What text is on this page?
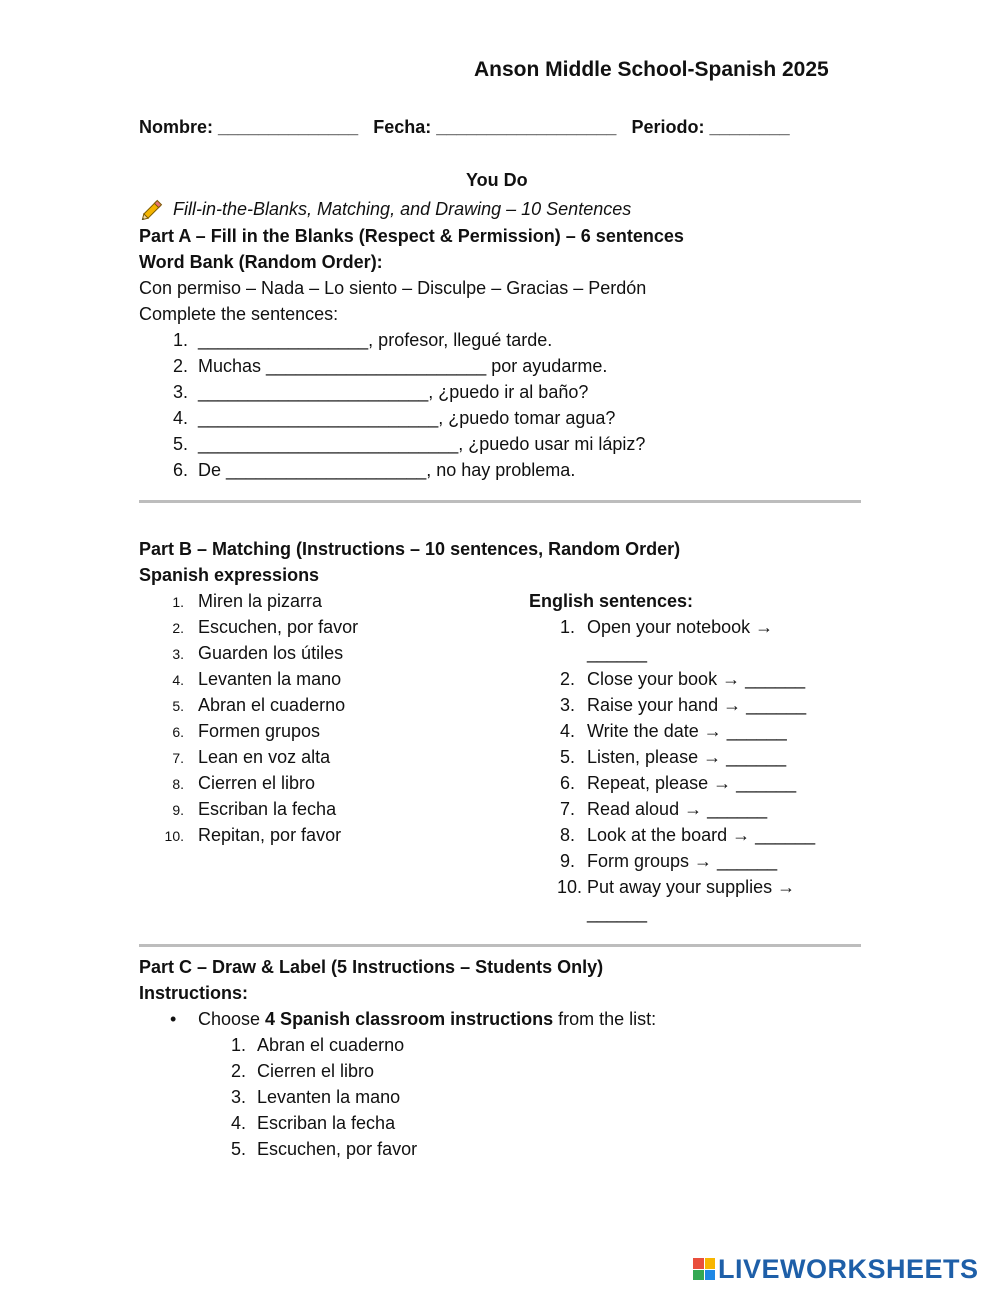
Anson Middle School-Spanish 2025
Nombre: ______________ Fecha: __________________ Periodo: ________
You Do
Fill-in-the-Blanks, Matching, and Drawing – 10 Sentences
Part A – Fill in the Blanks (Respect & Permission) – 6 sentences
Word Bank (Random Order):
Con permiso – Nada – Lo siento – Disculpe – Gracias – Perdón
Complete the sentences:
1. _________________, profesor, llegué tarde.
2. Muchas ______________________ por ayudarme.
3. _______________________, ¿puedo ir al baño?
4. ________________________, ¿puedo tomar agua?
5. __________________________, ¿puedo usar mi lápiz?
6. De ____________________, no hay problema.
Part B – Matching (Instructions – 10 sentences, Random Order)
Spanish expressions
1. Miren la pizarra
2. Escuchen, por favor
3. Guarden los útiles
4. Levanten la mano
5. Abran el cuaderno
6. Formen grupos
7. Lean en voz alta
8. Cierren el libro
9. Escriban la fecha
10. Repitan, por favor
English sentences:
1. Open your notebook →
______
2. Close your book → ______
3. Raise your hand → ______
4. Write the date → ______
5. Listen, please → ______
6. Repeat, please → ______
7. Read aloud → ______
8. Look at the board → ______
9. Form groups → ______
10. Put away your supplies →
______
Part C – Draw & Label (5 Instructions – Students Only)
Instructions:
• Choose 4 Spanish classroom instructions from the list:
1. Abran el cuaderno
2. Cierren el libro
3. Levanten la mano
4. Escriban la fecha
5. Escuchen, por favor
LIVEWORKSHEETS
